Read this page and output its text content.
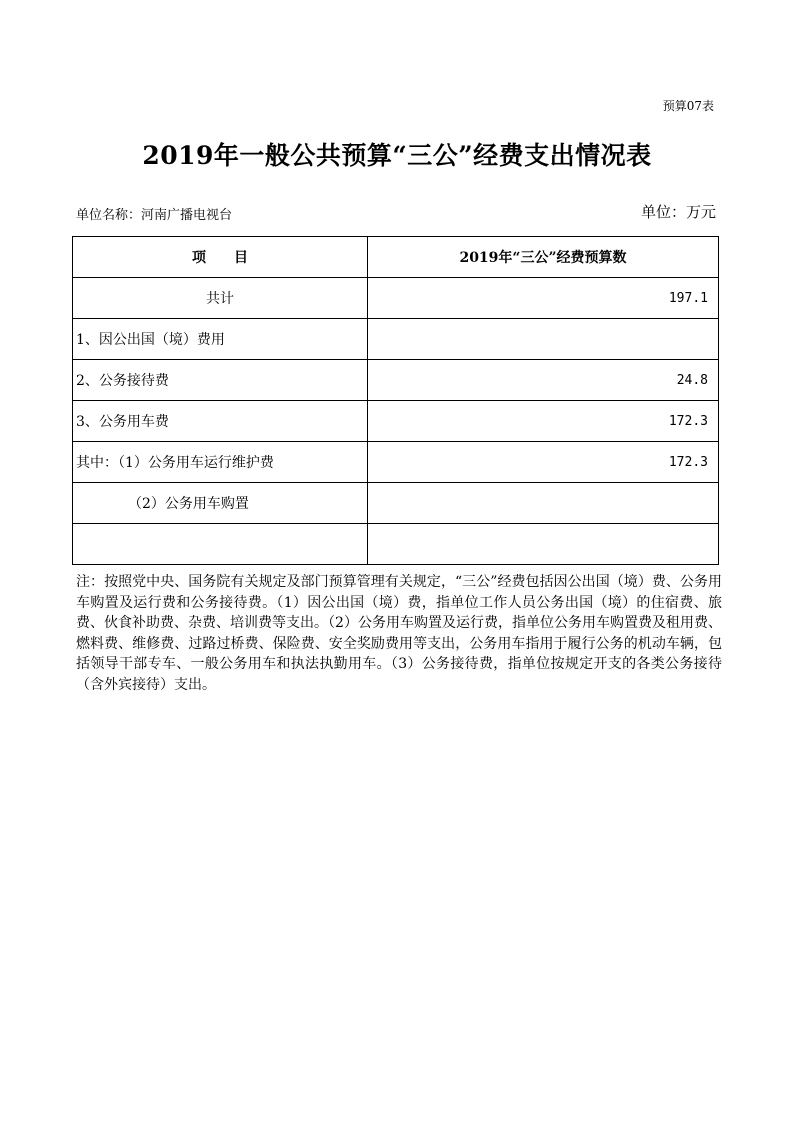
预算07表
2019年一般公共预算“三公”经费支出情况表
单位名称：河南广播电视台	单位：万元
项　　目	2019年“三公”经费预算数
共计	197.1
1、因公出国（境）费用	
2、公务接待费	24.8
3、公务用车费	172.3
其中：（1）公务用车运行维护费	172.3
（2）公务用车购置	

注：按照党中央、国务院有关规定及部门预算管理有关规定，“三公”经费包括因公出国（境）费、公务用车购置及运行费和公务接待费。（1）因公出国（境）费，指单位工作人员公务出国（境）的住宿费、旅费、伙食补助费、杂费、培训费等支出。（2）公务用车购置及运行费，指单位公务用车购置费及租用费、燃料费、维修费、过路过桥费、保险费、安全奖励费用等支出，公务用车指用于履行公务的机动车辆，包括领导干部专车、一般公务用车和执法执勤用车。（3）公务接待费，指单位按规定开支的各类公务接待（含外宾接待）支出。
